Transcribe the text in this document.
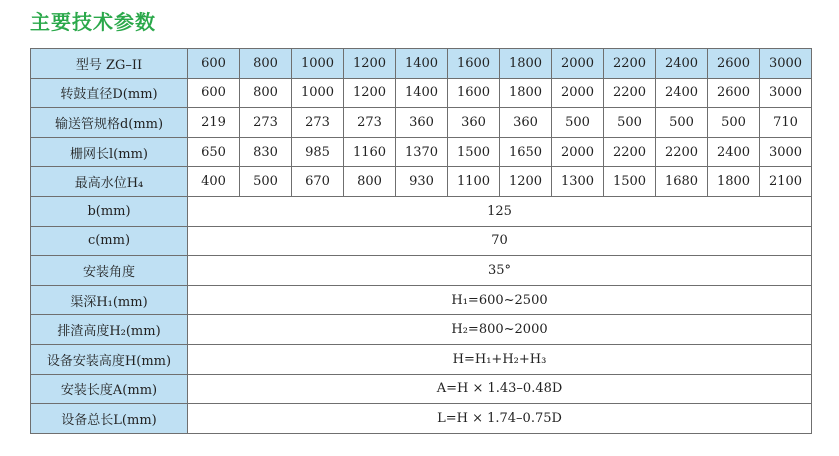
主要技术参数
型号 ZG–II	600	800	1000	1200	1400	1600	1800	2000	2200	2400	2600	3000
转鼓直径D(mm)	600	800	1000	1200	1400	1600	1800	2000	2200	2400	2600	3000
输送管规格d(mm)	219	273	273	273	360	360	360	500	500	500	500	710
栅网长l(mm)	650	830	985	1160	1370	1500	1650	2000	2200	2200	2400	3000
最高水位H₄	400	500	670	800	930	1100	1200	1300	1500	1680	1800	2100
b(mm)	125											
c(mm)	70											
安装角度	35°											
渠深H₁(mm)	H₁=600~2500											
排渣高度H₂(mm)	H₂=800~2000											
设备安装高度H(mm)	H=H₁+H₂+H₃											
安装长度A(mm)	A=H × 1.43–0.48D											
设备总长L(mm)	L=H × 1.74–0.75D											
